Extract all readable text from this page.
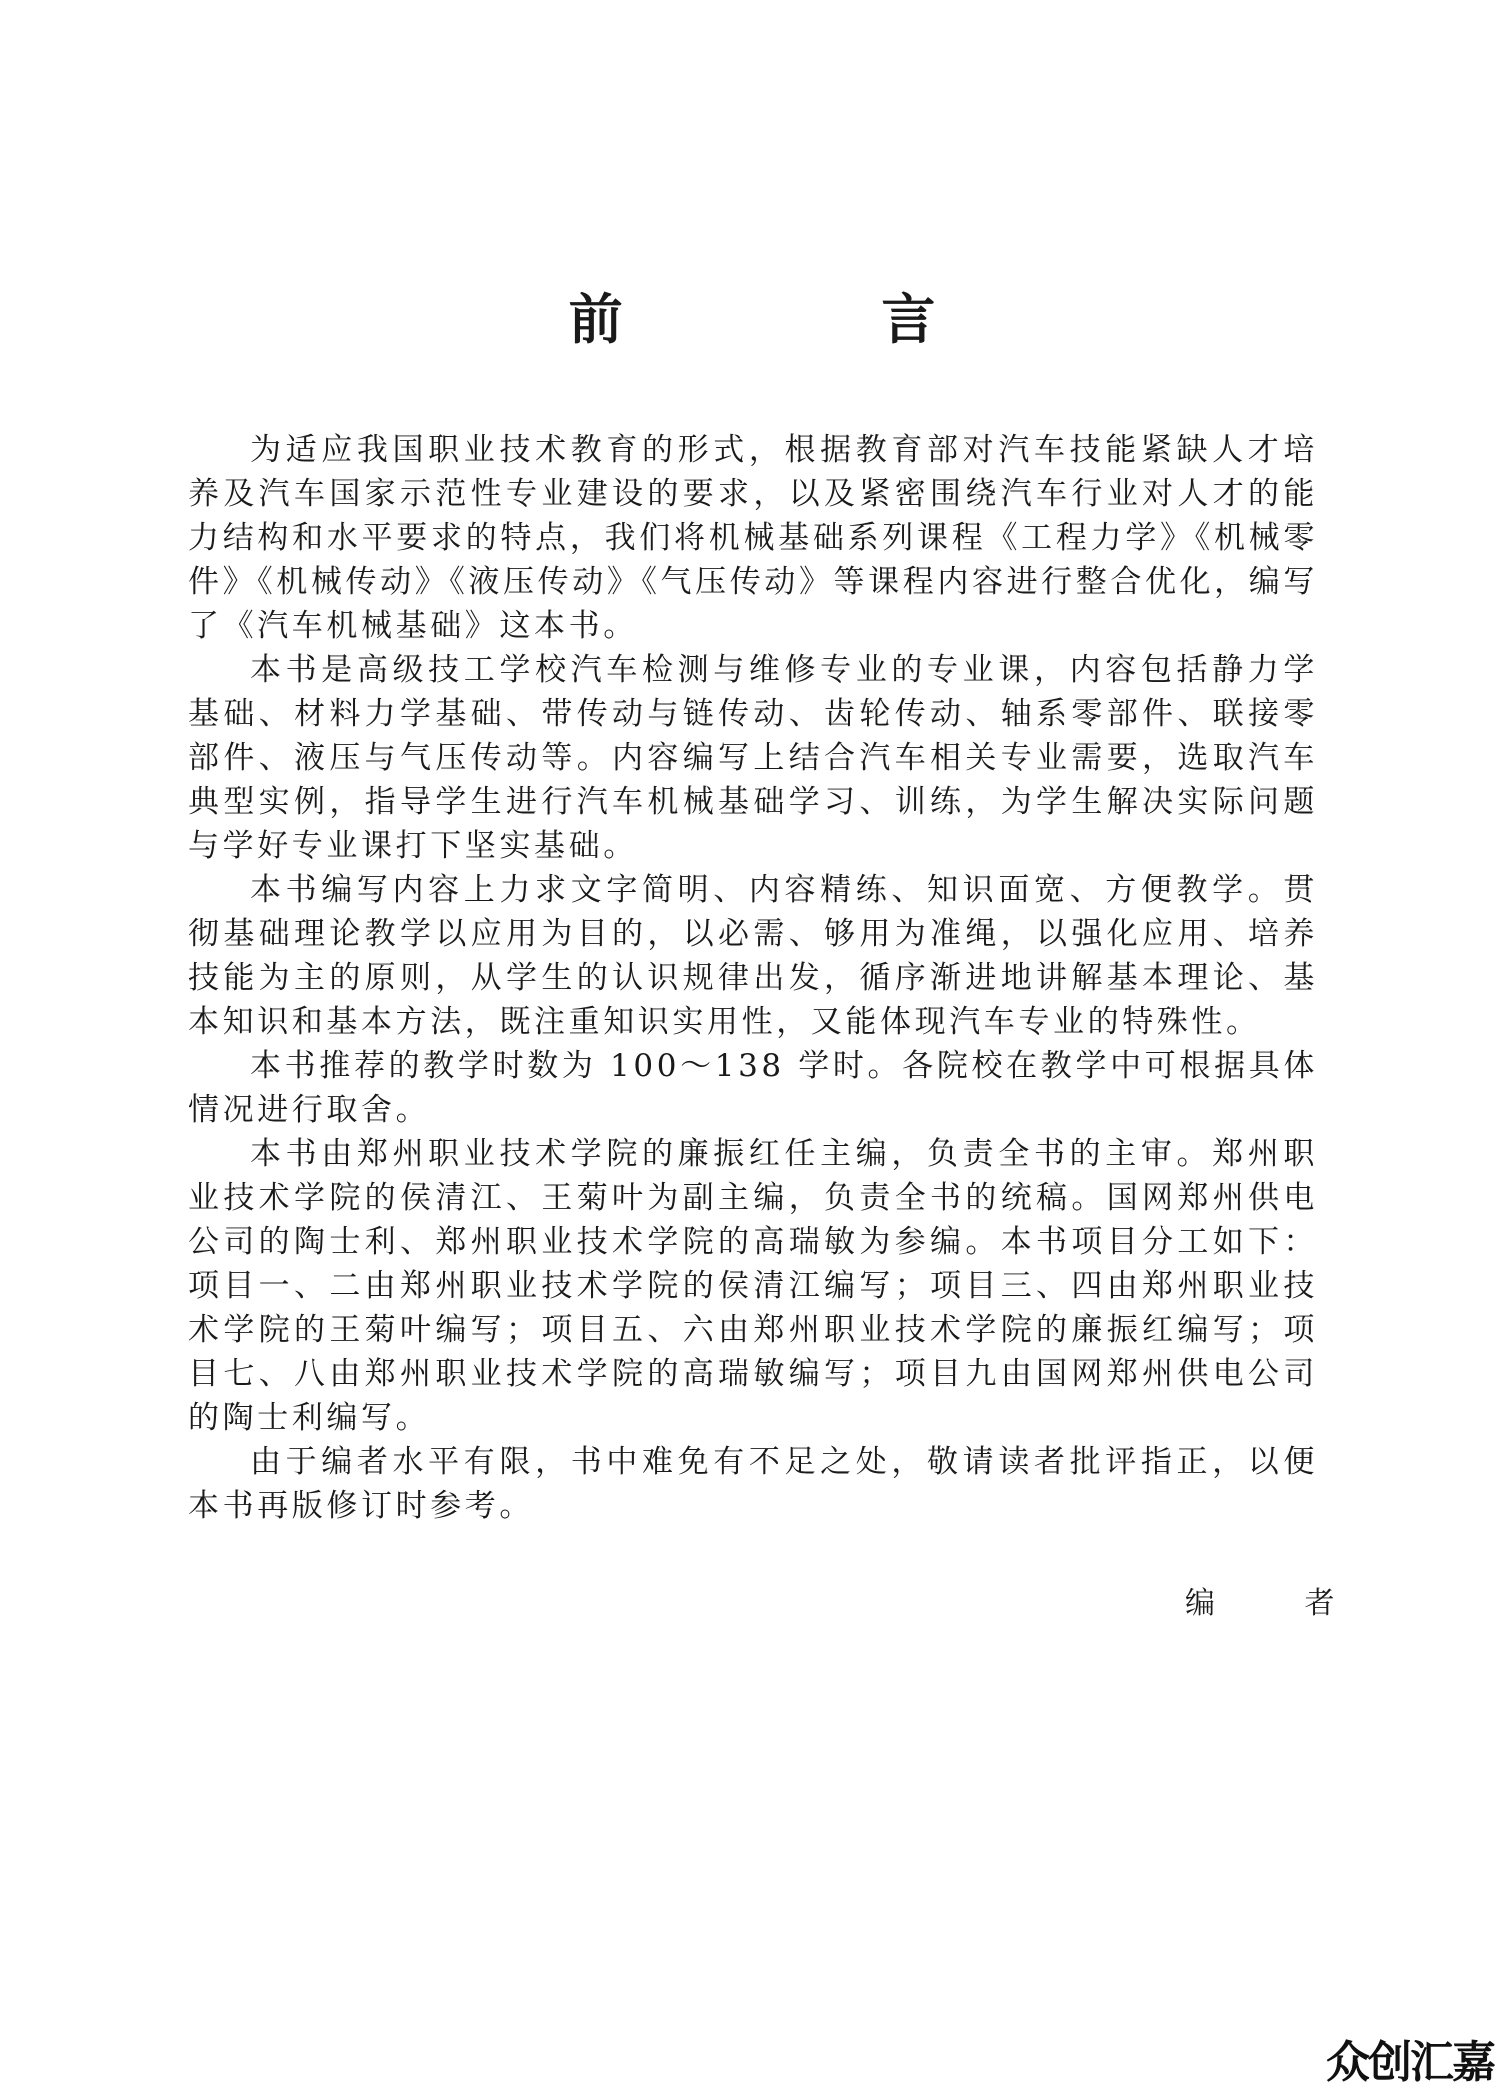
前 言

为适应我国职业技术教育的形式，根据教育部对汽车技能紧缺人才培养及汽车国家示范性专业建设的要求，以及紧密围绕汽车行业对人才的能力结构和水平要求的特点，我们将机械基础系列课程《工程力学》《机械零件》《机械传动》《液压传动》《气压传动》等课程内容进行整合优化，编写了《汽车机械基础》这本书。

本书是高级技工学校汽车检测与维修专业的专业课，内容包括静力学基础、材料力学基础、带传动与链传动、齿轮传动、轴系零部件、联接零部件、液压与气压传动等。内容编写上结合汽车相关专业需要，选取汽车典型实例，指导学生进行汽车机械基础学习、训练，为学生解决实际问题与学好专业课打下坚实基础。

本书编写内容上力求文字简明、内容精练、知识面宽、方便教学。贯彻基础理论教学以应用为目的，以必需、够用为准绳，以强化应用、培养技能为主的原则，从学生的认识规律出发，循序渐进地讲解基本理论、基本知识和基本方法，既注重知识实用性，又能体现汽车专业的特殊性。

本书推荐的教学时数为 100～138 学时。各院校在教学中可根据具体情况进行取舍。

本书由郑州职业技术学院的廉振红任主编，负责全书的主审。郑州职业技术学院的侯清江、王菊叶为副主编，负责全书的统稿。国网郑州供电公司的陶士利、郑州职业技术学院的高瑞敏为参编。本书项目分工如下：项目一、二由郑州职业技术学院的侯清江编写；项目三、四由郑州职业技术学院的王菊叶编写；项目五、六由郑州职业技术学院的廉振红编写；项目七、八由郑州职业技术学院的高瑞敏编写；项目九由国网郑州供电公司的陶士利编写。

由于编者水平有限，书中难免有不足之处，敬请读者批评指正，以便本书再版修订时参考。

编 者

众创汇嘉
